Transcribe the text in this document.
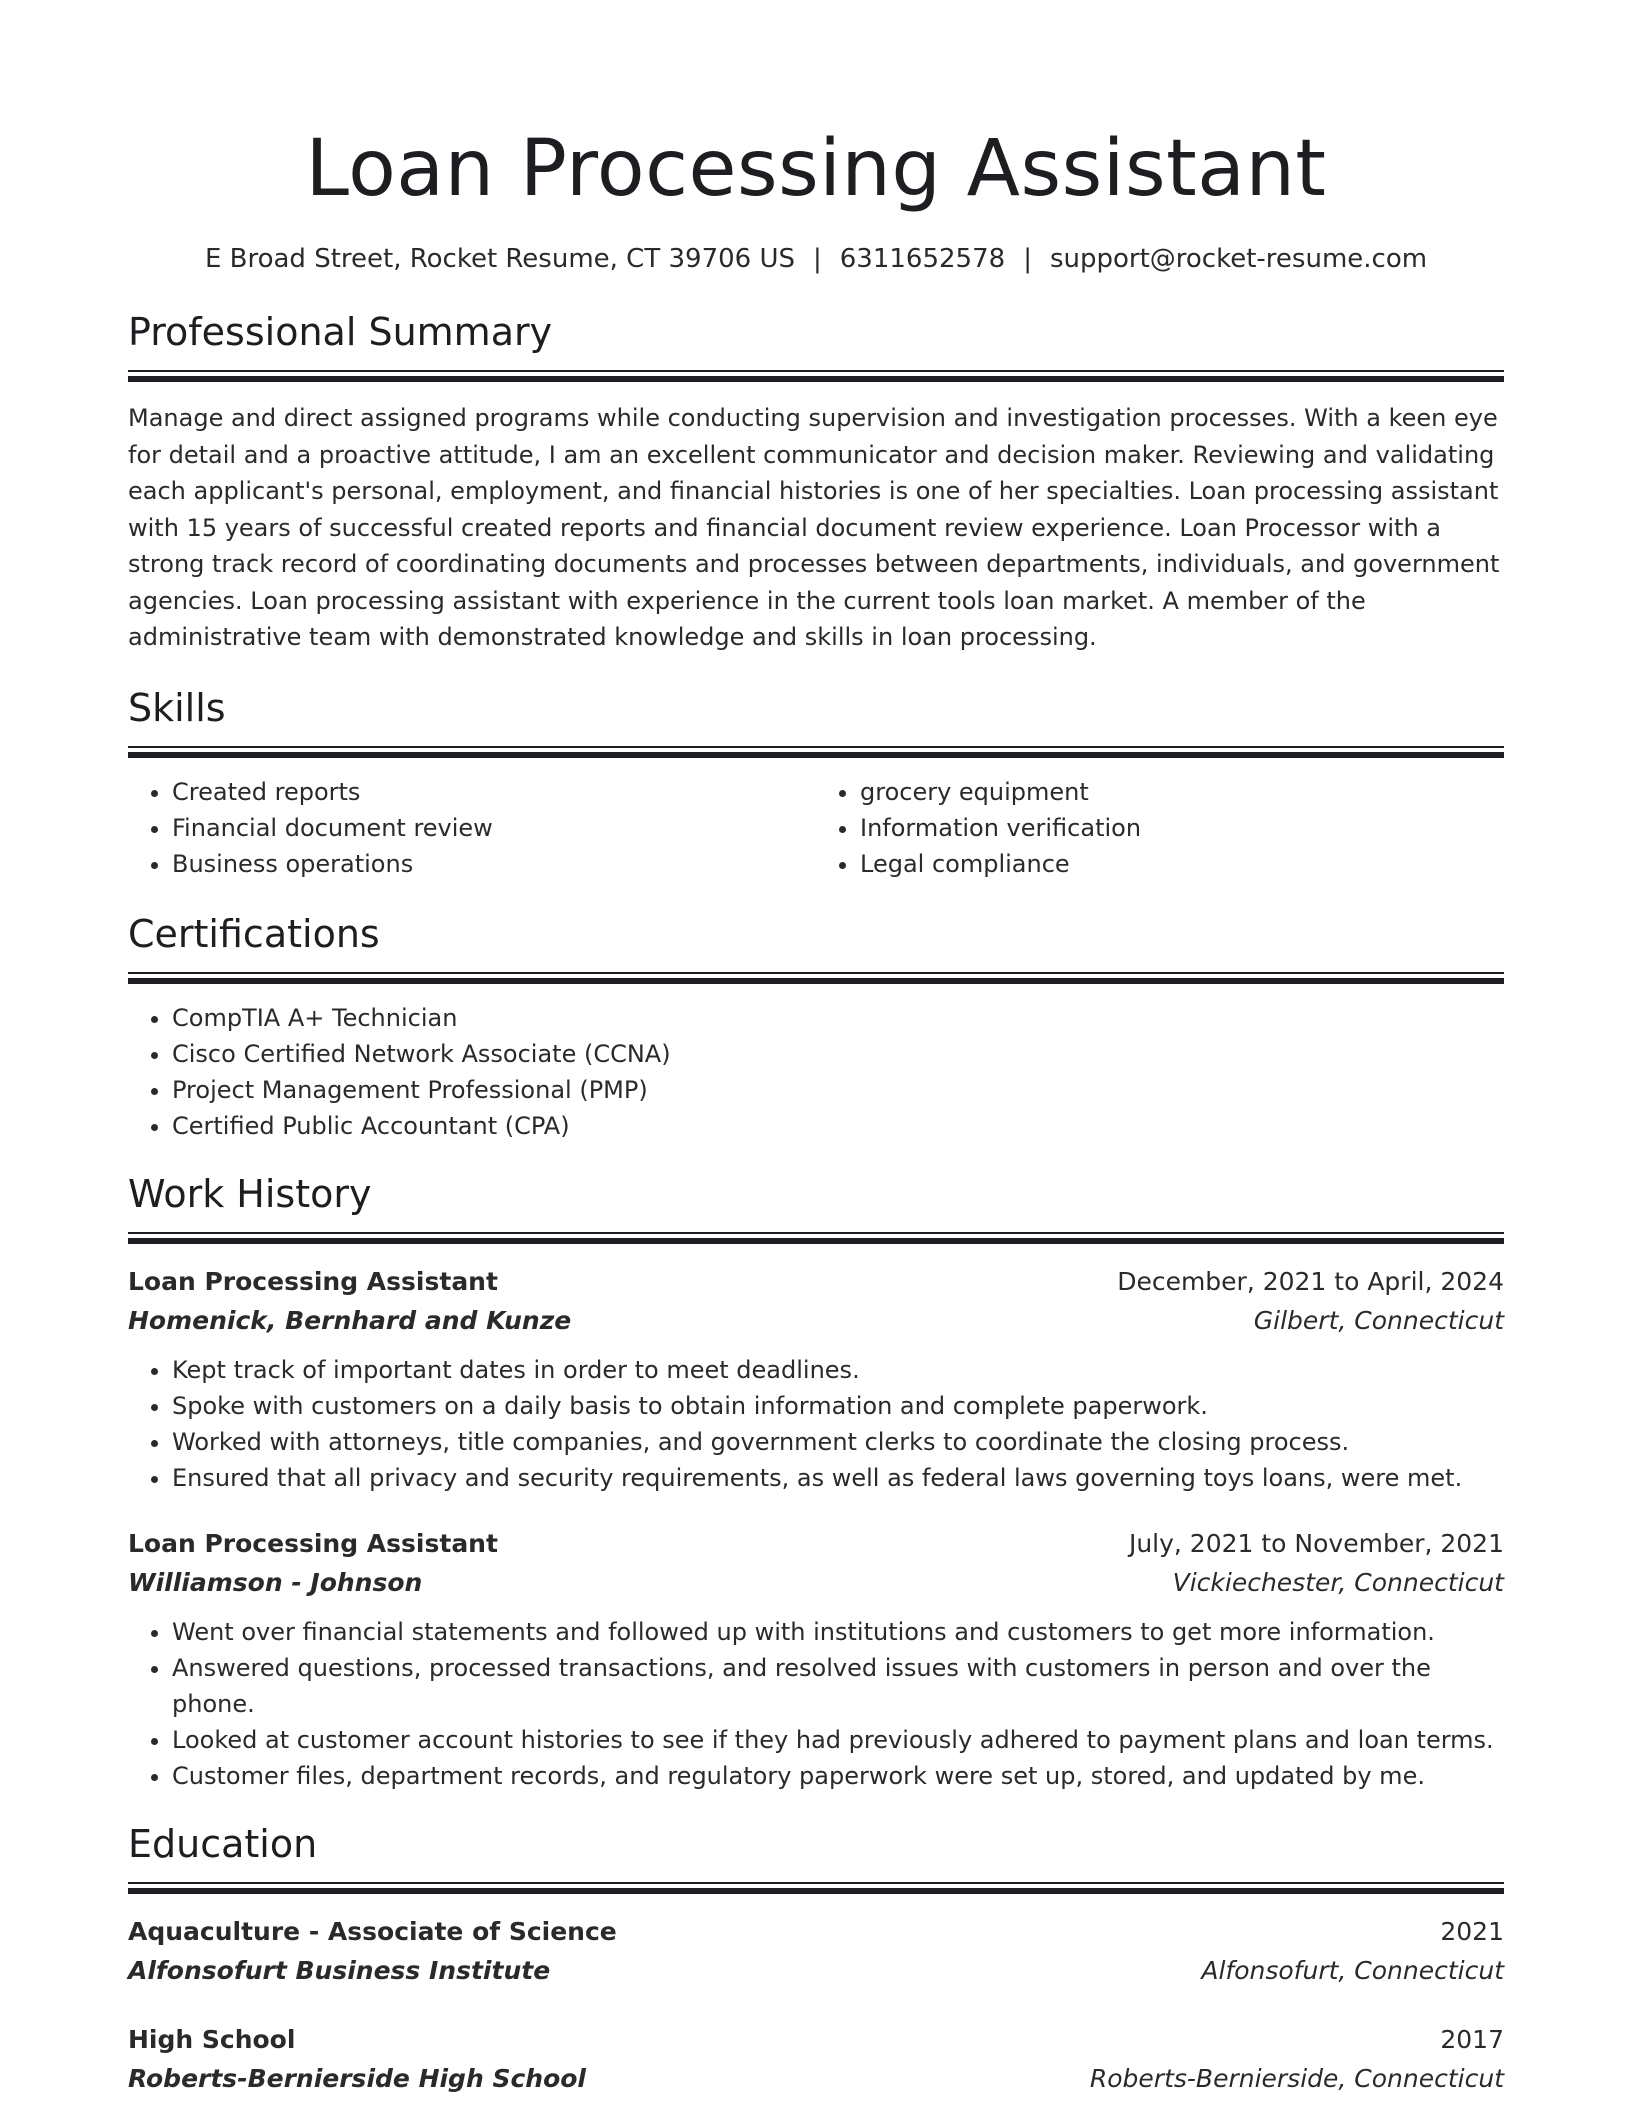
Loan Processing Assistant
E Broad Street, Rocket Resume, CT 39706 US | 6311652578 | support@rocket-resume.com
Professional Summary

Manage and direct assigned programs while conducting supervision and investigation processes. With a keen eye for detail and a proactive attitude, I am an excellent communicator and decision maker. Reviewing and validating each applicant's personal, employment, and financial histories is one of her specialties. Loan processing assistant with 15 years of successful created reports and financial document review experience. Loan Processor with a strong track record of coordinating documents and processes between departments, individuals, and government agencies. Loan processing assistant with experience in the current tools loan market. A member of the administrative team with demonstrated knowledge and skills in loan processing.

Skills
• Created reports
• Financial document review
• Business operations
• grocery equipment
• Information verification
• Legal compliance
Certifications
• CompTIA A+ Technician
• Cisco Certified Network Associate (CCNA)
• Project Management Professional (PMP)
• Certified Public Accountant (CPA)
Work History
Loan Processing Assistant	December, 2021 to April, 2024
Homenick, Bernhard and Kunze	Gilbert, Connecticut
• Kept track of important dates in order to meet deadlines.
• Spoke with customers on a daily basis to obtain information and complete paperwork.
• Worked with attorneys, title companies, and government clerks to coordinate the closing process.
• Ensured that all privacy and security requirements, as well as federal laws governing toys loans, were met.
Loan Processing Assistant	July, 2021 to November, 2021
Williamson - Johnson	Vickiechester, Connecticut
• Went over financial statements and followed up with institutions and customers to get more information.
• Answered questions, processed transactions, and resolved issues with customers in person and over the phone.
• Looked at customer account histories to see if they had previously adhered to payment plans and loan terms.
• Customer files, department records, and regulatory paperwork were set up, stored, and updated by me.
Education
Aquaculture - Associate of Science	2021
Alfonsofurt Business Institute	Alfonsofurt, Connecticut
High School	2017
Roberts-Bernierside High School	Roberts-Bernierside, Connecticut
